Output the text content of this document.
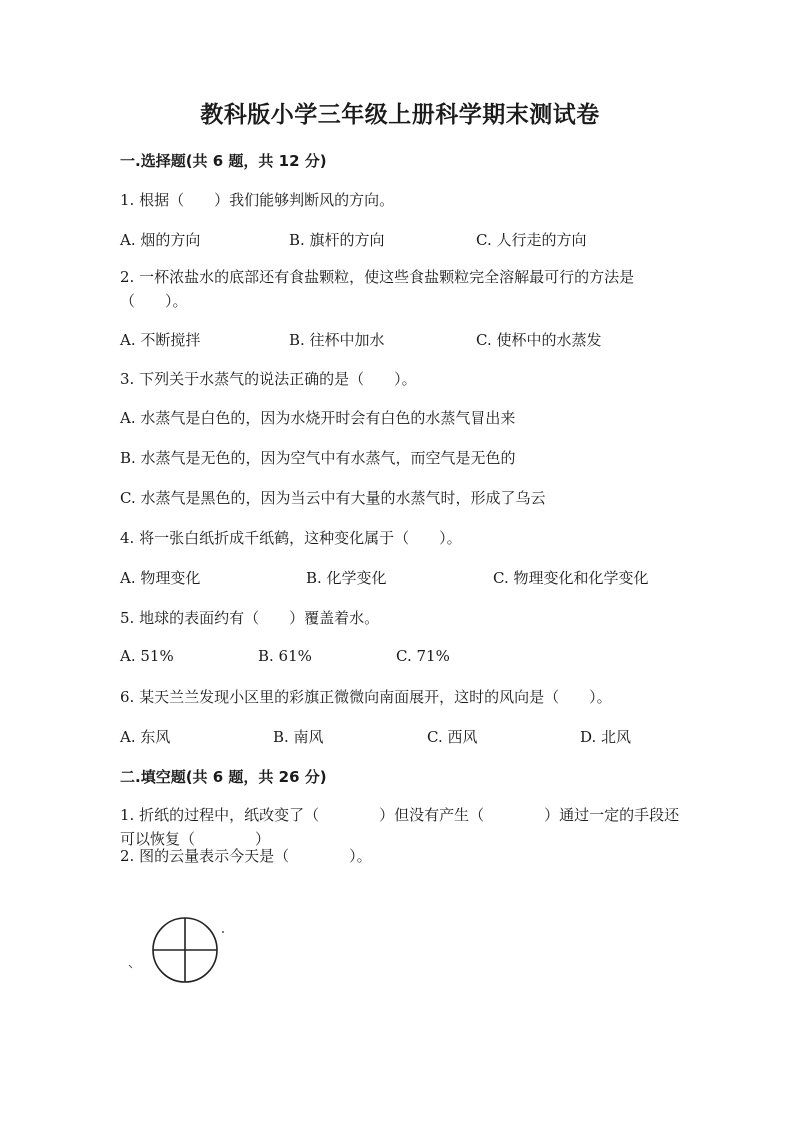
教科版小学三年级上册科学期末测试卷
一.选择题(共 6 题，共 12 分)
1. 根据（　　）我们能够判断风的方向。
A. 烟的方向	B. 旗杆的方向	C. 人行走的方向
2. 一杯浓盐水的底部还有食盐颗粒，使这些食盐颗粒完全溶解最可行的方法是（　　）。
A. 不断搅拌	B. 往杯中加水	C. 使杯中的水蒸发
3. 下列关于水蒸气的说法正确的是（　　）。
A. 水蒸气是白色的，因为水烧开时会有白色的水蒸气冒出来
B. 水蒸气是无色的，因为空气中有水蒸气，而空气是无色的
C. 水蒸气是黑色的，因为当云中有大量的水蒸气时，形成了乌云
4. 将一张白纸折成千纸鹤，这种变化属于（　　）。
A. 物理变化	B. 化学变化	C. 物理变化和化学变化
5. 地球的表面约有（　　）覆盖着水。
A. 51%	B. 61%	C. 71%
6. 某天兰兰发现小区里的彩旗正微微向南面展开，这时的风向是（　　）。
A. 东风	B. 南风	C. 西风	D. 北风
二.填空题(共 6 题，共 26 分)
1. 折纸的过程中，纸改变了（　　　　）但没有产生（　　　　）通过一定的手段还可以恢复（　　　　）
2. 图的云量表示今天是（　　　　）。
